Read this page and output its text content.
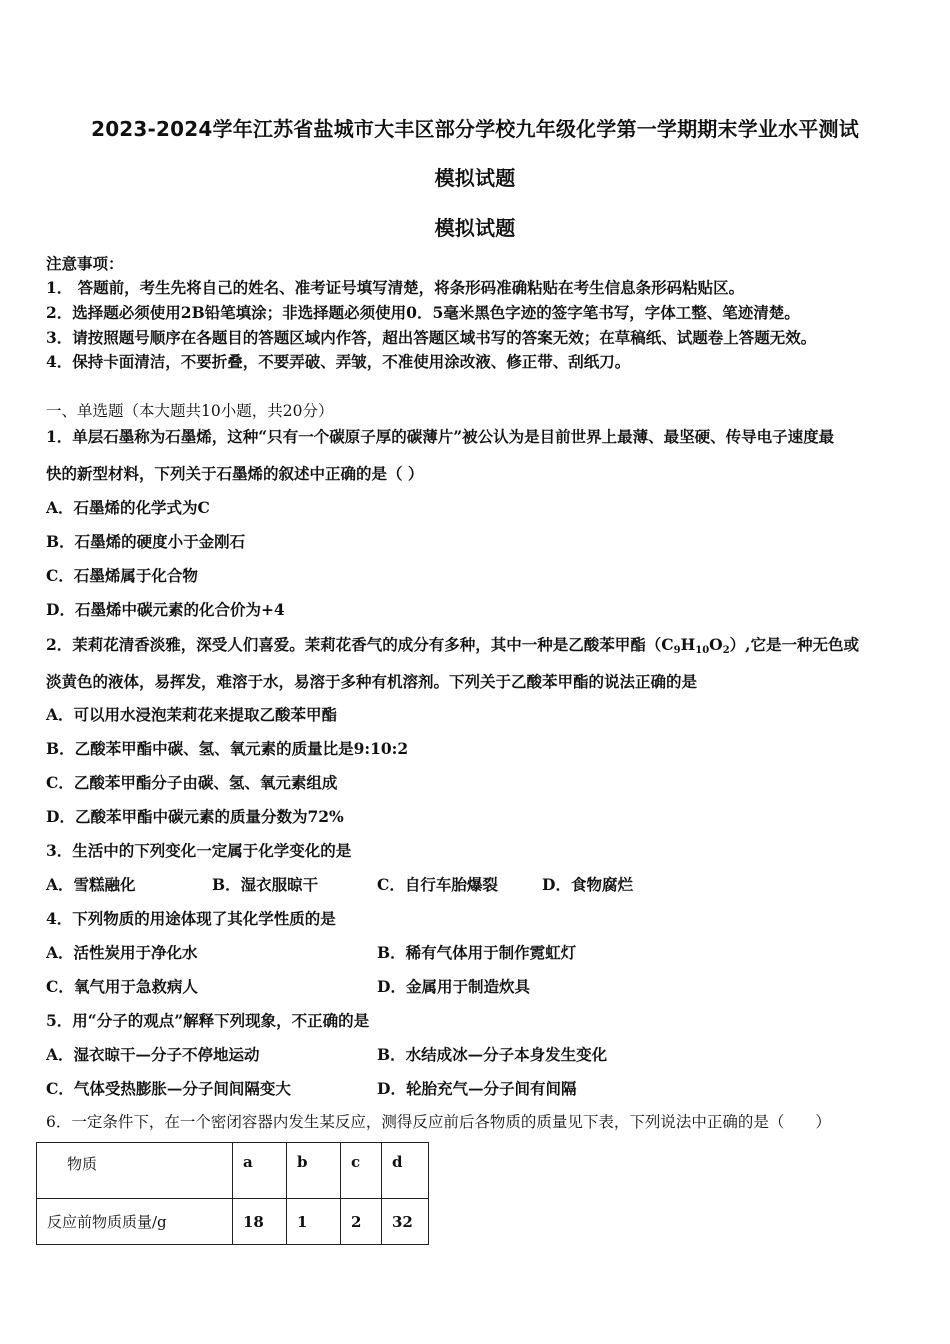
2023-2024学年江苏省盐城市大丰区部分学校九年级化学第一学期期末学业水平测试
模拟试题
模拟试题
注意事项：
1． 答题前，考生先将自己的姓名、准考证号填写清楚，将条形码准确粘贴在考生信息条形码粘贴区。
2．选择题必须使用2B铅笔填涂；非选择题必须使用0．5毫米黑色字迹的签字笔书写，字体工整、笔迹清楚。
3．请按照题号顺序在各题目的答题区域内作答，超出答题区域书写的答案无效；在草稿纸、试题卷上答题无效。
4．保持卡面清洁，不要折叠，不要弄破、弄皱，不准使用涂改液、修正带、刮纸刀。
一、单选题（本大题共10小题，共20分）
1．单层石墨称为石墨烯，这种“只有一个碳原子厚的碳薄片”被公认为是目前世界上最薄、最坚硬、传导电子速度最
快的新型材料，下列关于石墨烯的叙述中正确的是（ ）
A．石墨烯的化学式为C
B．石墨烯的硬度小于金刚石
C．石墨烯属于化合物
D．石墨烯中碳元素的化合价为+4
2．茉莉花清香淡雅，深受人们喜爱。茉莉花香气的成分有多种，其中一种是乙酸苯甲酯$(C_9H_{10}O_2)$,它是一种无色或
淡黄色的液体，易挥发，难溶于水，易溶于多种有机溶剂。下列关于乙酸苯甲酯的说法正确的是
A．可以用水浸泡茉莉花来提取乙酸苯甲酯
B．乙酸苯甲酯中碳、氢、氧元素的质量比是9:10:2
C．乙酸苯甲酯分子由碳、氢、氧元素组成
D．乙酸苯甲酯中碳元素的质量分数为72%
3．生活中的下列变化一定属于化学变化的是
A．雪糕融化	B．湿衣服晾干	C．自行车胎爆裂	D．食物腐烂
4．下列物质的用途体现了其化学性质的是
A．活性炭用于净化水	B．稀有气体用于制作霓虹灯
C．氧气用于急救病人	D．金属用于制造炊具
5．用“分子的观点”解释下列现象，不正确的是
A．湿衣晾干—分子不停地运动	B．水结成冰—分子本身发生变化
C．气体受热膨胀—分子间间隔变大	D．轮胎充气—分子间有间隔
6．一定条件下，在一个密闭容器内发生某反应，测得反应前后各物质的质量见下表，下列说法中正确的是（　　）
物质	a	b	c	d
反应前物质质量/g	18	1	2	32
